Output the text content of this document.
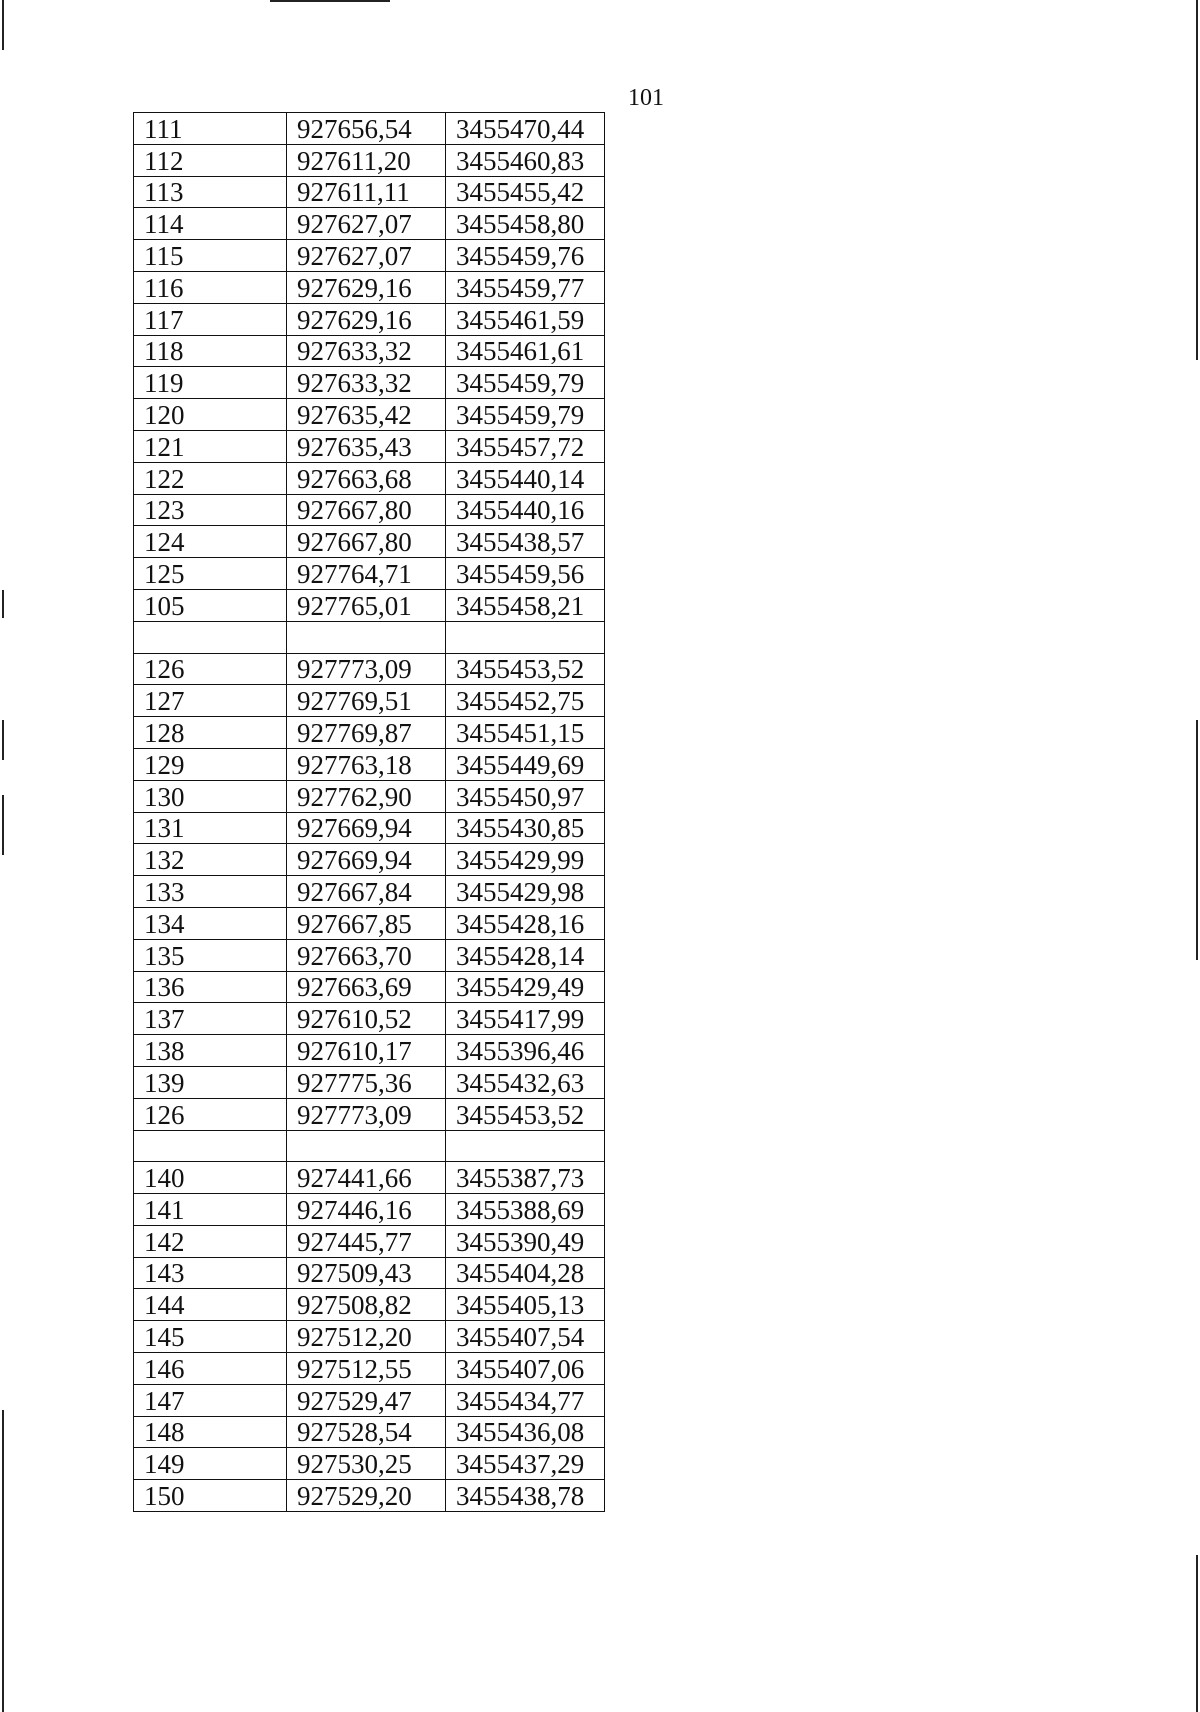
101
111	927656,54	3455470,44
112	927611,20	3455460,83
113	927611,11	3455455,42
114	927627,07	3455458,80
115	927627,07	3455459,76
116	927629,16	3455459,77
117	927629,16	3455461,59
118	927633,32	3455461,61
119	927633,32	3455459,79
120	927635,42	3455459,79
121	927635,43	3455457,72
122	927663,68	3455440,14
123	927667,80	3455440,16
124	927667,80	3455438,57
125	927764,71	3455459,56
105	927765,01	3455458,21

126	927773,09	3455453,52
127	927769,51	3455452,75
128	927769,87	3455451,15
129	927763,18	3455449,69
130	927762,90	3455450,97
131	927669,94	3455430,85
132	927669,94	3455429,99
133	927667,84	3455429,98
134	927667,85	3455428,16
135	927663,70	3455428,14
136	927663,69	3455429,49
137	927610,52	3455417,99
138	927610,17	3455396,46
139	927775,36	3455432,63
126	927773,09	3455453,52

140	927441,66	3455387,73
141	927446,16	3455388,69
142	927445,77	3455390,49
143	927509,43	3455404,28
144	927508,82	3455405,13
145	927512,20	3455407,54
146	927512,55	3455407,06
147	927529,47	3455434,77
148	927528,54	3455436,08
149	927530,25	3455437,29
150	927529,20	3455438,78
